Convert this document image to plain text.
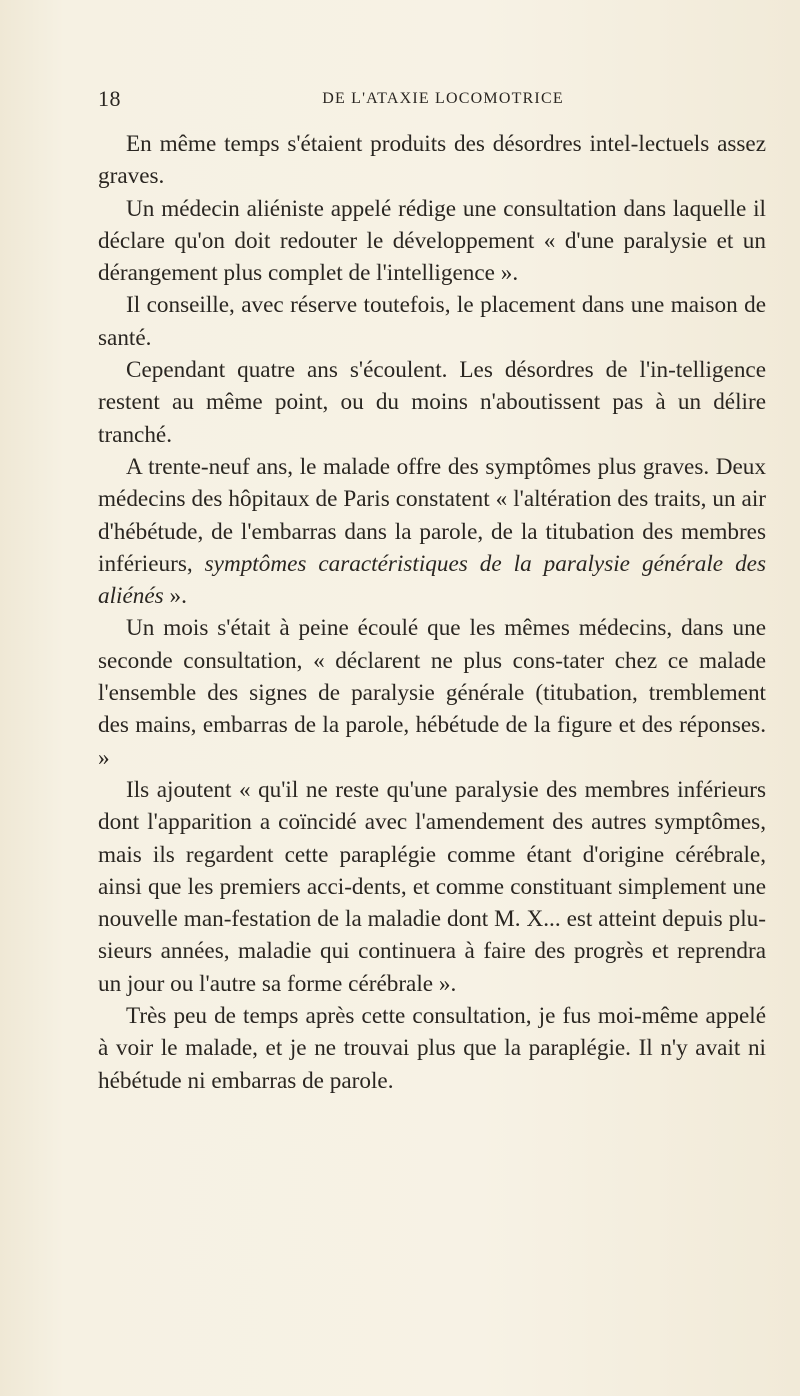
18	DE L'ATAXIE LOCOMOTRICE

En même temps s'étaient produits des désordres intel-lectuels assez graves.

Un médecin aliéniste appelé rédige une consultation dans laquelle il déclare qu'on doit redouter le développement « d'une paralysie et un dérangement plus complet de l'intelligence ».

Il conseille, avec réserve toutefois, le placement dans une maison de santé.

Cependant quatre ans s'écoulent. Les désordres de l'in-telligence restent au même point, ou du moins n'aboutissent pas à un délire tranché.

A trente-neuf ans, le malade offre des symptômes plus graves. Deux médecins des hôpitaux de Paris constatent « l'altération des traits, un air d'hébétude, de l'embarras dans la parole, de la titubation des membres inférieurs, symptômes caractéristiques de la paralysie générale des aliénés ».

Un mois s'était à peine écoulé que les mêmes médecins, dans une seconde consultation, « déclarent ne plus cons-tater chez ce malade l'ensemble des signes de paralysie générale (titubation, tremblement des mains, embarras de la parole, hébétude de la figure et des réponses. »

Ils ajoutent « qu'il ne reste qu'une paralysie des membres inférieurs dont l'apparition a coïncidé avec l'amendement des autres symptômes, mais ils regardent cette paraplégie comme étant d'origine cérébrale, ainsi que les premiers acci-dents, et comme constituant simplement une nouvelle man-festation de la maladie dont M. X... est atteint depuis plu-sieurs années, maladie qui continuera à faire des progrès et reprendra un jour ou l'autre sa forme cérébrale ».

Très peu de temps après cette consultation, je fus moi-même appelé à voir le malade, et je ne trouvai plus que la paraplégie. Il n'y avait ni hébétude ni embarras de parole.
